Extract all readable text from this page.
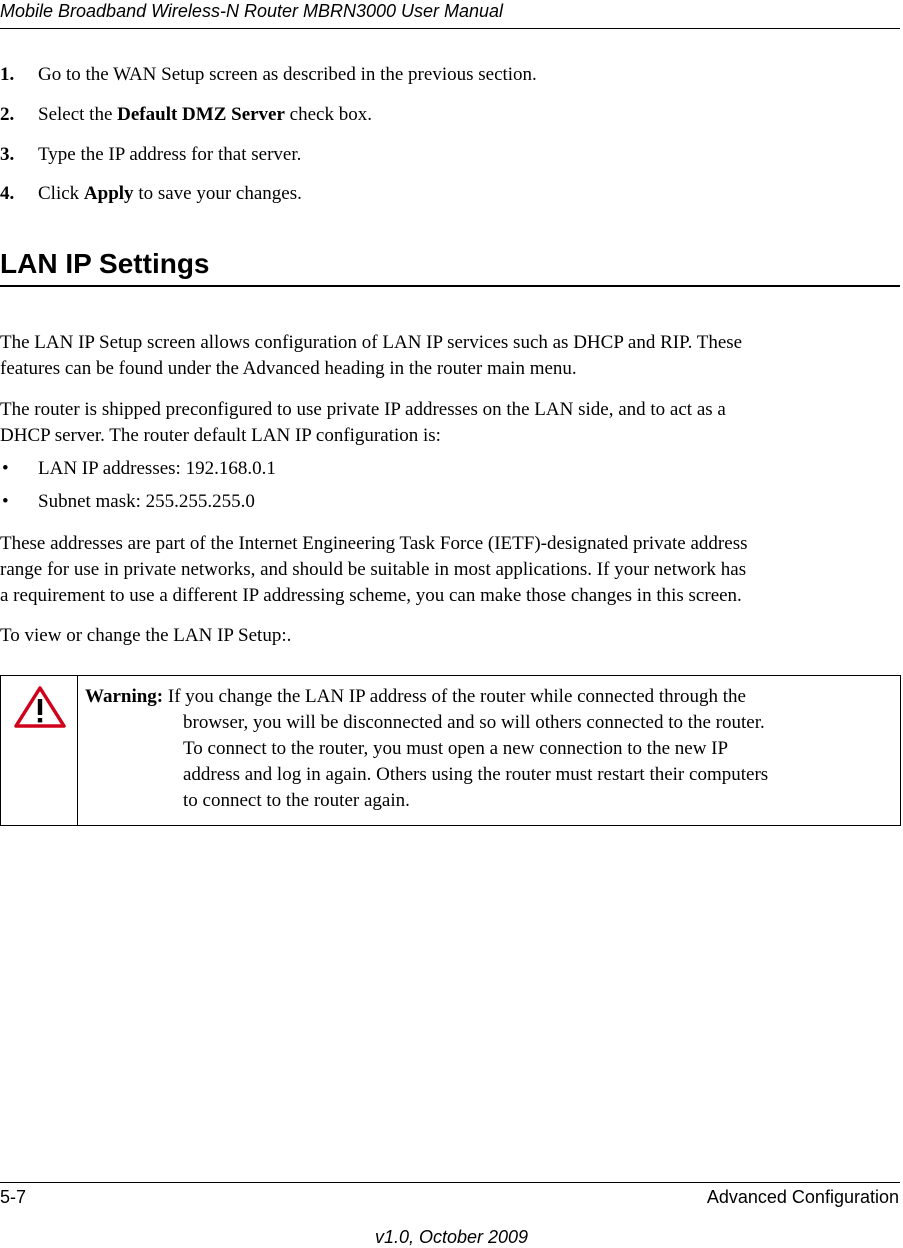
Mobile Broadband Wireless-N Router MBRN3000 User Manual
1. Go to the WAN Setup screen as described in the previous section.
2. Select the Default DMZ Server check box.
3. Type the IP address for that server.
4. Click Apply to save your changes.
LAN IP Settings
The LAN IP Setup screen allows configuration of LAN IP services such as DHCP and RIP. These
features can be found under the Advanced heading in the router main menu.
The router is shipped preconfigured to use private IP addresses on the LAN side, and to act as a
DHCP server. The router default LAN IP configuration is:
• LAN IP addresses: 192.168.0.1
• Subnet mask: 255.255.255.0
These addresses are part of the Internet Engineering Task Force (IETF)-designated private address
range for use in private networks, and should be suitable in most applications. If your network has
a requirement to use a different IP addressing scheme, you can make those changes in this screen.
To view or change the LAN IP Setup:.
Warning: If you change the LAN IP address of the router while connected through the
browser, you will be disconnected and so will others connected to the router.
To connect to the router, you must open a new connection to the new IP
address and log in again. Others using the router must restart their computers
to connect to the router again.
5-7	Advanced Configuration
v1.0, October 2009
